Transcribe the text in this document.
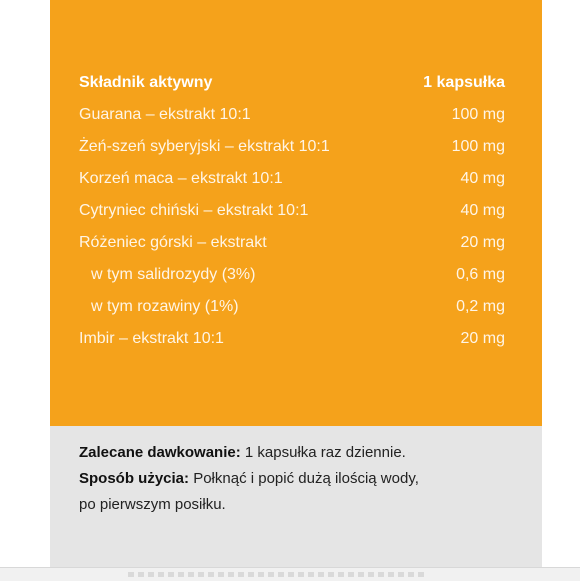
Składnik aktywny	1 kapsułka
Guarana – ekstrakt 10:1	100 mg
Żeń-szeń syberyjski – ekstrakt 10:1	100 mg
Korzeń maca – ekstrakt 10:1	40 mg
Cytryniec chiński – ekstrakt 10:1	40 mg
Różeniec górski – ekstrakt	20 mg
w tym salidrozydy (3%)	0,6 mg
w tym rozawiny (1%)	0,2 mg
Imbir – ekstrakt 10:1	20 mg
Zalecane dawkowanie: 1 kapsułka raz dziennie.
Sposób użycia: Połknąć i popić dużą ilością wody,
po pierwszym posiłku.
